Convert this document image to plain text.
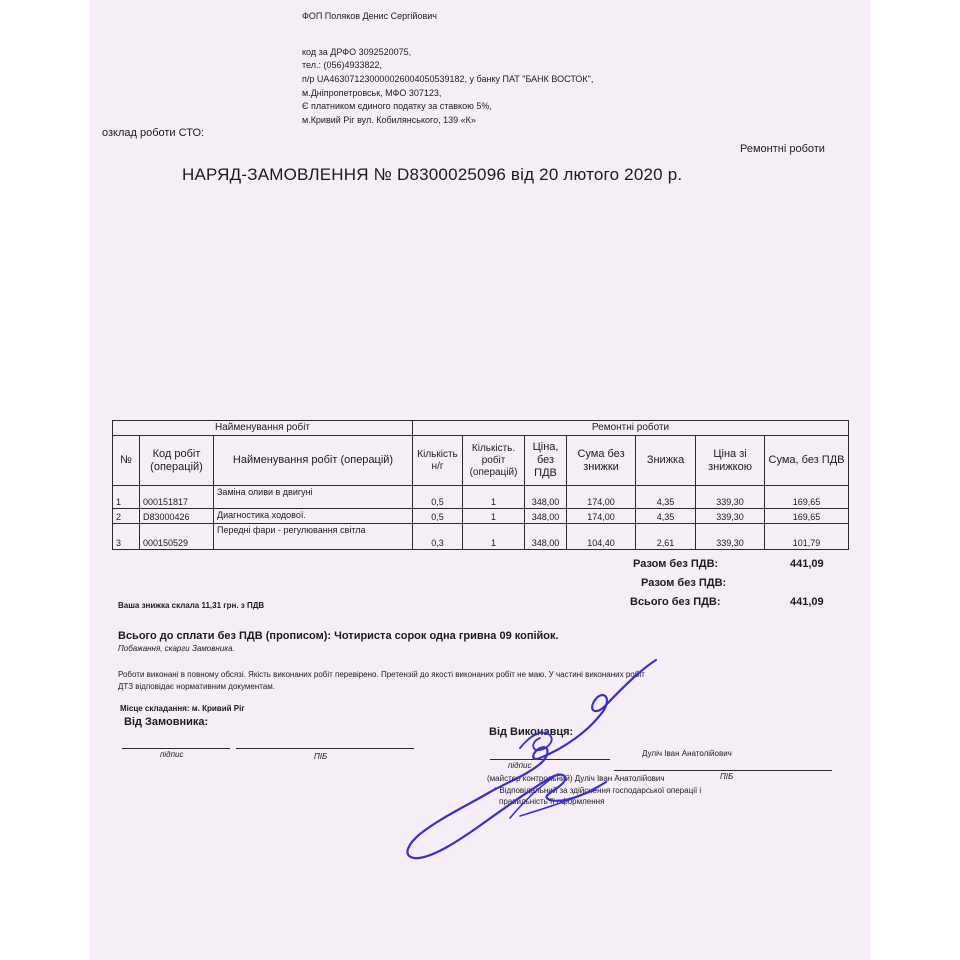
ФОП Поляков Денис Сергійович
код за ДРФО 3092520075,
тел.: (056)4933822,
п/р UA463071230000026004050539182, у банку ПАТ "БАНК ВОСТОК",
м.Дніпропетровськ, МФО 307123,
Є платником єдиного податку за ставкою 5%,
м.Кривий Ріг вул. Кобилянського, 139 «К»
озклад роботи СТО:
Ремонтні роботи
НАРЯД-ЗАМОВЛЕННЯ № D8300025096 від 20 лютого 2020 р.
Найменування робіт			Ремонтні роботи						
№	Код робіт (операцій)	Найменування робіт (операцій)	Кількість н/г	Кількість. робіт (операцій)	Ціна, без ПДВ	Сума без знижки	Знижка	Ціна зі знижкою	Сума, без ПДВ
1	000151817	Заміна оливи в двигуні	0,5	1	348,00	174,00	4,35	339,30	169,65
2	D83000426	Диагностика ходової.	0,5	1	348,00	174,00	4,35	339,30	169,65
3	000150529	Передні фари - регулювання світла	0,3	1	348,00	104,40	2,61	339,30	101,79
Разом без ПДВ:	441,09
Разом без ПДВ:
Всього без ПДВ:	441,09
Ваша знижка склала 11,31 грн. з ПДВ
Всього до сплати без ПДВ (прописом): Чотириста сорок одна гривна 09 копійок.
Побажання, скарги Замовника.
Роботи виконані в повному обсязі. Якість виконаних робіт перевірено. Претензій до якості виконаних робіт не маю. У частині виконаних робіт
ДТЗ відповідає нормативним документам.
Місце складання: м. Кривий Ріг
Від Замовника:
підпис	ПІБ
Від Виконавця:
Дуліч Іван Анатолійович
підпис
ПІБ
(майстер контрольний) Дуліч Іван Анатолійович
* Відповідальний за здійснення господарської операції і
правильність її оформлення
